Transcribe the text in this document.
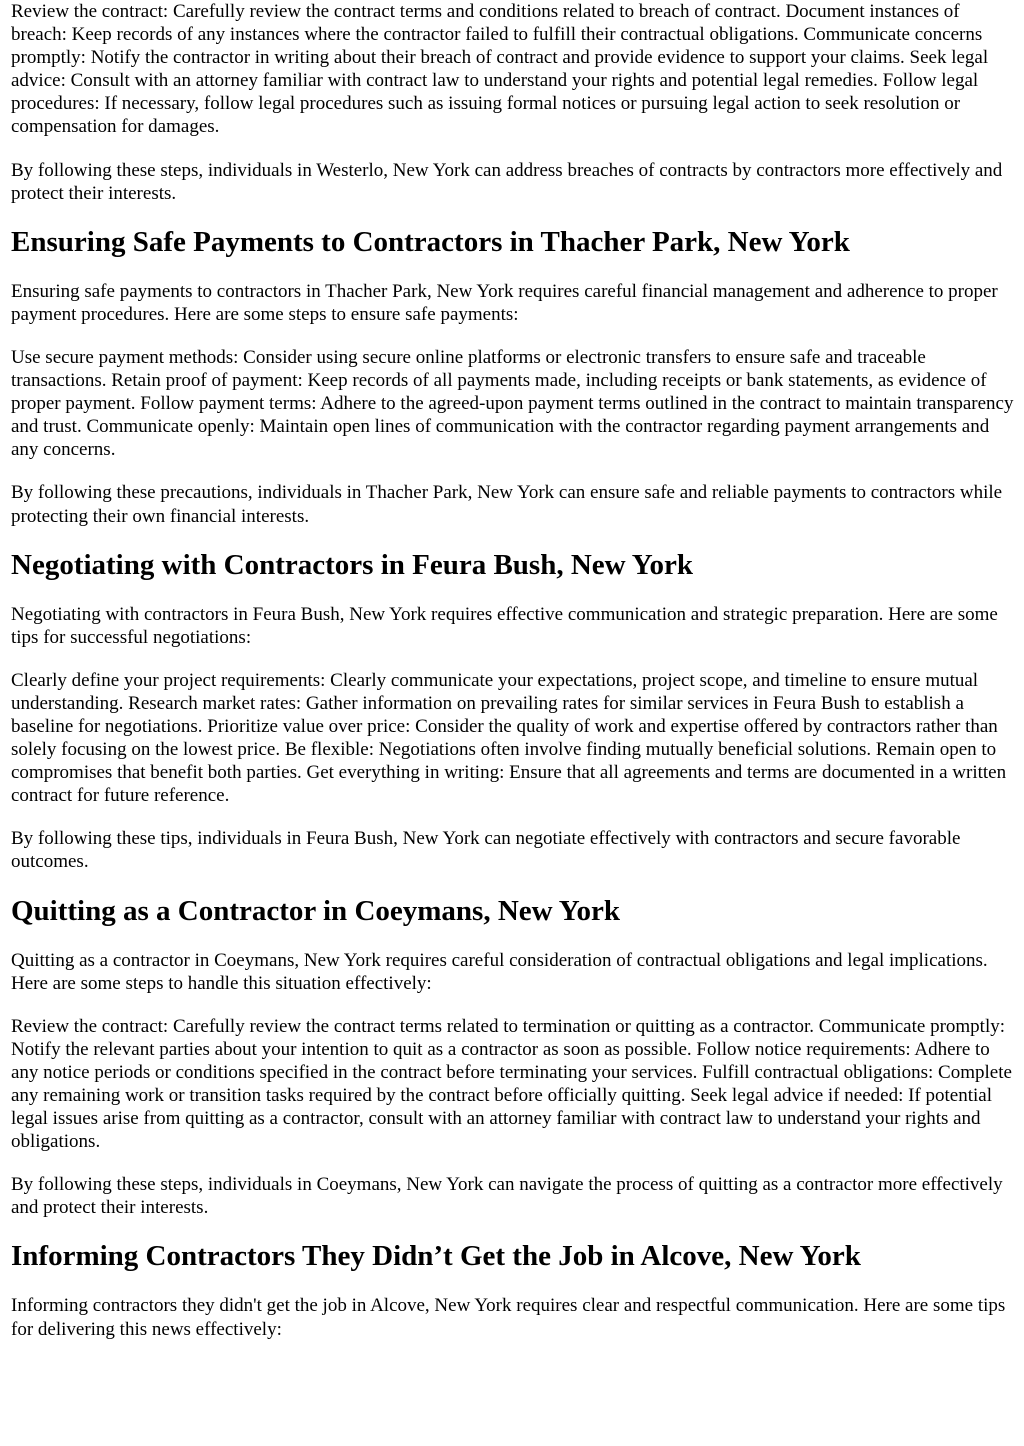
Review the contract: Carefully review the contract terms and conditions related to breach of contract. Document instances of breach: Keep records of any instances where the contractor failed to fulfill their contractual obligations. Communicate concerns promptly: Notify the contractor in writing about their breach of contract and provide evidence to support your claims. Seek legal advice: Consult with an attorney familiar with contract law to understand your rights and potential legal remedies. Follow legal procedures: If necessary, follow legal procedures such as issuing formal notices or pursuing legal action to seek resolution or compensation for damages.

By following these steps, individuals in Westerlo, New York can address breaches of contracts by contractors more effectively and protect their interests.

Ensuring Safe Payments to Contractors in Thacher Park, New York

Ensuring safe payments to contractors in Thacher Park, New York requires careful financial management and adherence to proper payment procedures. Here are some steps to ensure safe payments:

Use secure payment methods: Consider using secure online platforms or electronic transfers to ensure safe and traceable transactions. Retain proof of payment: Keep records of all payments made, including receipts or bank statements, as evidence of proper payment. Follow payment terms: Adhere to the agreed-upon payment terms outlined in the contract to maintain transparency and trust. Communicate openly: Maintain open lines of communication with the contractor regarding payment arrangements and any concerns.

By following these precautions, individuals in Thacher Park, New York can ensure safe and reliable payments to contractors while protecting their own financial interests.

Negotiating with Contractors in Feura Bush, New York

Negotiating with contractors in Feura Bush, New York requires effective communication and strategic preparation. Here are some tips for successful negotiations:

Clearly define your project requirements: Clearly communicate your expectations, project scope, and timeline to ensure mutual understanding. Research market rates: Gather information on prevailing rates for similar services in Feura Bush to establish a baseline for negotiations. Prioritize value over price: Consider the quality of work and expertise offered by contractors rather than solely focusing on the lowest price. Be flexible: Negotiations often involve finding mutually beneficial solutions. Remain open to compromises that benefit both parties. Get everything in writing: Ensure that all agreements and terms are documented in a written contract for future reference.

By following these tips, individuals in Feura Bush, New York can negotiate effectively with contractors and secure favorable outcomes.

Quitting as a Contractor in Coeymans, New York

Quitting as a contractor in Coeymans, New York requires careful consideration of contractual obligations and legal implications. Here are some steps to handle this situation effectively:

Review the contract: Carefully review the contract terms related to termination or quitting as a contractor. Communicate promptly: Notify the relevant parties about your intention to quit as a contractor as soon as possible. Follow notice requirements: Adhere to any notice periods or conditions specified in the contract before terminating your services. Fulfill contractual obligations: Complete any remaining work or transition tasks required by the contract before officially quitting. Seek legal advice if needed: If potential legal issues arise from quitting as a contractor, consult with an attorney familiar with contract law to understand your rights and obligations.

By following these steps, individuals in Coeymans, New York can navigate the process of quitting as a contractor more effectively and protect their interests.

Informing Contractors They Didn’t Get the Job in Alcove, New York

Informing contractors they didn't get the job in Alcove, New York requires clear and respectful communication. Here are some tips for delivering this news effectively:
